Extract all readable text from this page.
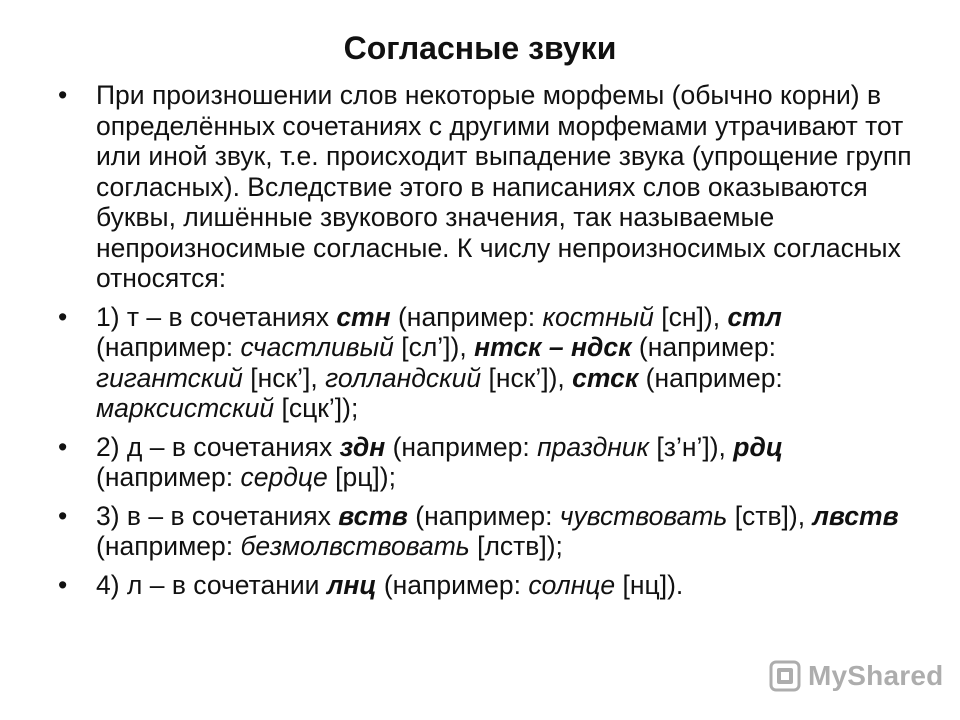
Согласные звуки
•	При произношении слов некоторые морфемы (обычно корни) в определённых сочетаниях с другими морфемами утрачивают тот или иной звук, т.е. происходит выпадение звука (упрощение групп согласных). Вследствие этого в написаниях слов оказываются буквы, лишённые звукового значения, так называемые непроизносимые согласные. К числу непроизносимых согласных относятся:
•	1) т – в сочетаниях стн (например: костный [сн]), стл (например: счастливый [сл’]), нтск – ндск (например: гигантский [нск’], голландский [нск’]), стск (например: марксистский [сцк’]);
•	2) д – в сочетаниях здн (например: праздник [з’н’]), рдц (например: сердце [рц]);
•	3) в – в сочетаниях вств (например: чувствовать [ств]), лвств (например: безмолвствовать [лств]);
•	4) л – в сочетании лнц (например: солнце [нц]).
MyShared
